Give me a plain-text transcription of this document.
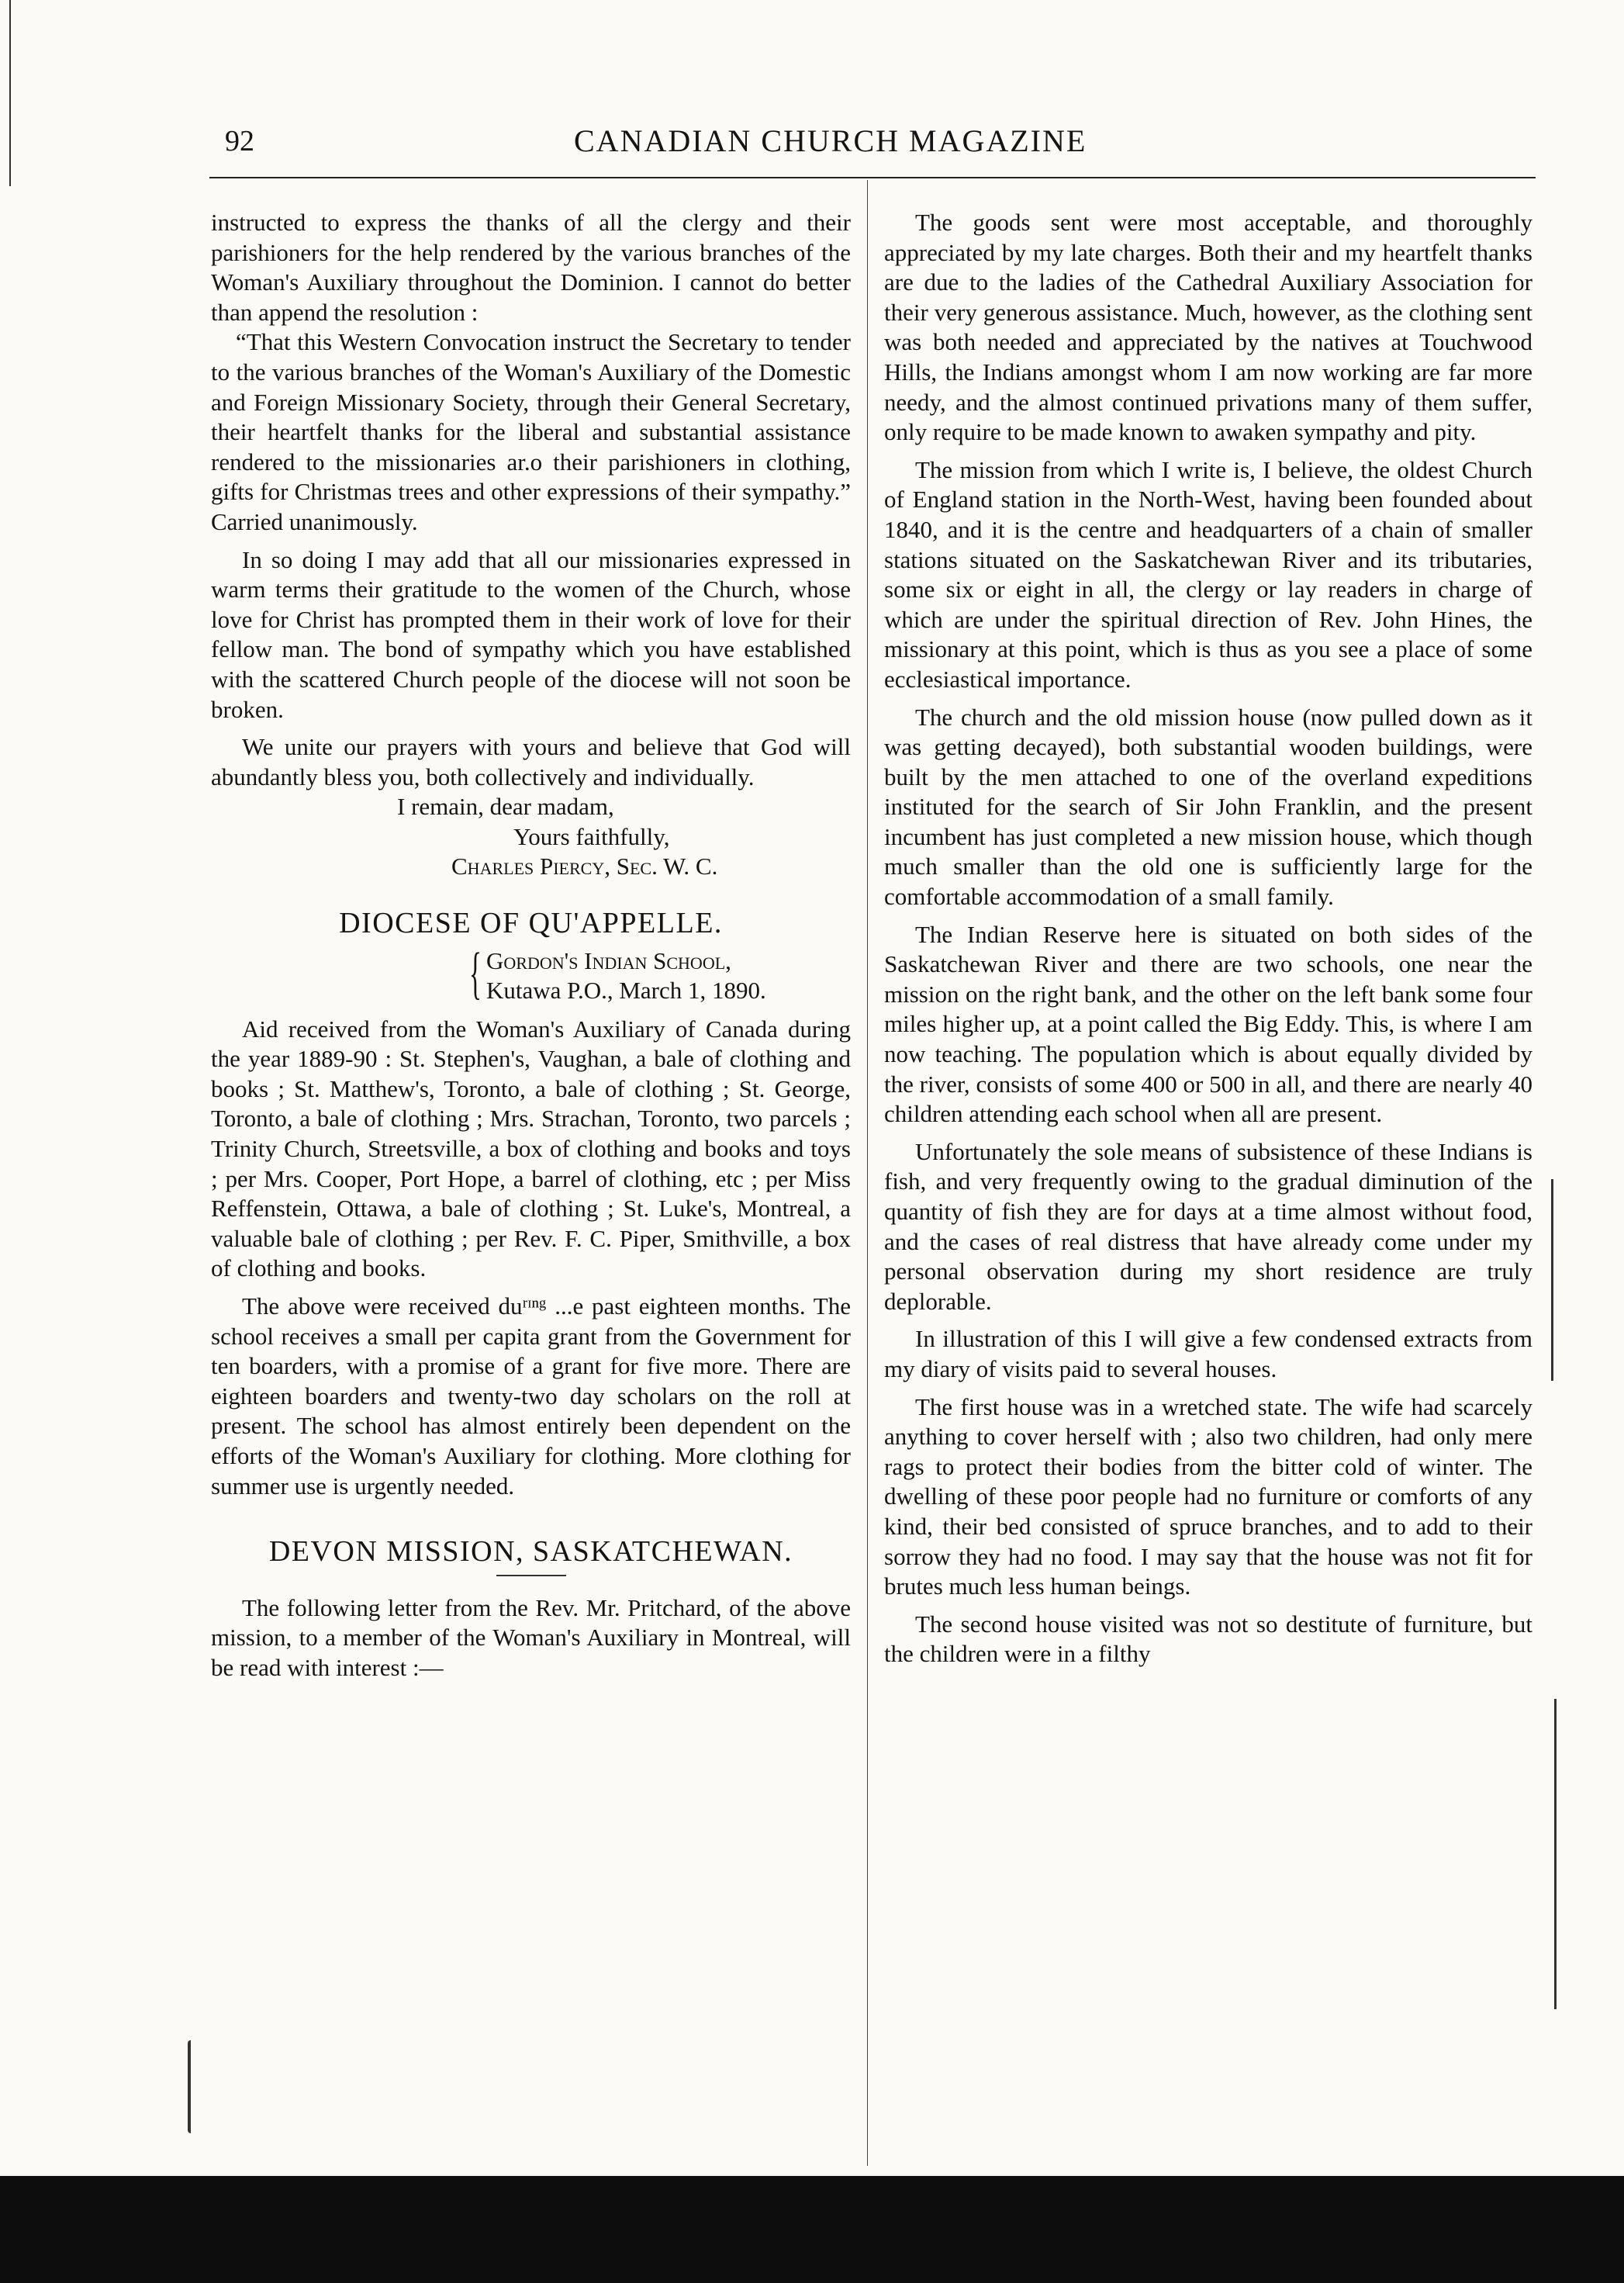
92	CANADIAN CHURCH MAGAZINE

instructed to express the thanks of all the clergy and their parishioners for the help rendered by the various branches of the Woman's Auxiliary throughout the Dominion. I cannot do better than append the resolution :

“That this Western Convocation instruct the Secretary to tender to the various branches of the Woman's Auxiliary of the Domestic and Foreign Missionary Society, through their General Secretary, their heartfelt thanks for the liberal and substantial assistance rendered to the missionaries ar.o their parishioners in clothing, gifts for Christmas trees and other expressions of their sympathy.” Carried unanimously.

In so doing I may add that all our missionaries expressed in warm terms their gratitude to the women of the Church, whose love for Christ has prompted them in their work of love for their fellow man. The bond of sympathy which you have established with the scattered Church people of the diocese will not soon be broken.

We unite our prayers with yours and believe that God will abundantly bless you, both collectively and individually.

I remain, dear madam,
Yours faithfully,
Charles Piercy, Sec. W. C.
DIOCESE OF QU'APPELLE.
{ Gordon's Indian School,
Kutawa P.O., March 1, 1890.

Aid received from the Woman's Auxiliary of Canada during the year 1889-90 : St. Stephen's, Vaughan, a bale of clothing and books ; St. Matthew's, Toronto, a bale of clothing ; St. George, Toronto, a bale of clothing ; Mrs. Strachan, Toronto, two parcels ; Trinity Church, Streetsville, a box of clothing and books and toys ; per Mrs. Cooper, Port Hope, a barrel of clothing, etc ; per Miss Reffenstein, Ottawa, a bale of clothing ; St. Luke's, Montreal, a valuable bale of clothing ; per Rev. F. C. Piper, Smithville, a box of clothing and books.

The above were received duʳᶦⁿᵍ ...e past eighteen months. The school receives a small per capita grant from the Government for ten boarders, with a promise of a grant for five more. There are eighteen boarders and twenty-two day scholars on the roll at present. The school has almost entirely been dependent on the efforts of the Woman's Auxiliary for clothing. More clothing for summer use is urgently needed.

DEVON MISSION, SASKATCHEWAN.

The following letter from the Rev. Mr. Pritchard, of the above mission, to a member of the Woman's Auxiliary in Montreal, will be read with interest :—

The goods sent were most acceptable, and thoroughly appreciated by my late charges. Both their and my heartfelt thanks are due to the ladies of the Cathedral Auxiliary Association for their very generous assistance. Much, however, as the clothing sent was both needed and appreciated by the natives at Touchwood Hills, the Indians amongst whom I am now working are far more needy, and the almost continued privations many of them suffer, only require to be made known to awaken sympathy and pity.

The mission from which I write is, I believe, the oldest Church of England station in the North-West, having been founded about 1840, and it is the centre and headquarters of a chain of smaller stations situated on the Saskatchewan River and its tributaries, some six or eight in all, the clergy or lay readers in charge of which are under the spiritual direction of Rev. John Hines, the missionary at this point, which is thus as you see a place of some ecclesiastical importance.

The church and the old mission house (now pulled down as it was getting decayed), both substantial wooden buildings, were built by the men attached to one of the overland expeditions instituted for the search of Sir John Franklin, and the present incumbent has just completed a new mission house, which though much smaller than the old one is sufficiently large for the comfortable accommodation of a small family.

The Indian Reserve here is situated on both sides of the Saskatchewan River and there are two schools, one near the mission on the right bank, and the other on the left bank some four miles higher up, at a point called the Big Eddy. This, is where I am now teaching. The population which is about equally divided by the river, consists of some 400 or 500 in all, and there are nearly 40 children attending each school when all are present.

Unfortunately the sole means of subsistence of these Indians is fish, and very frequently owing to the gradual diminution of the quantity of fish they are for days at a time almost without food, and the cases of real distress that have already come under my personal observation during my short residence are truly deplorable.

In illustration of this I will give a few condensed extracts from my diary of visits paid to several houses.

The first house was in a wretched state. The wife had scarcely anything to cover herself with ; also two children, had only mere rags to protect their bodies from the bitter cold of winter. The dwelling of these poor people had no furniture or comforts of any kind, their bed consisted of spruce branches, and to add to their sorrow they had no food. I may say that the house was not fit for brutes much less human beings.

The second house visited was not so destitute of furniture, but the children were in a filthy
